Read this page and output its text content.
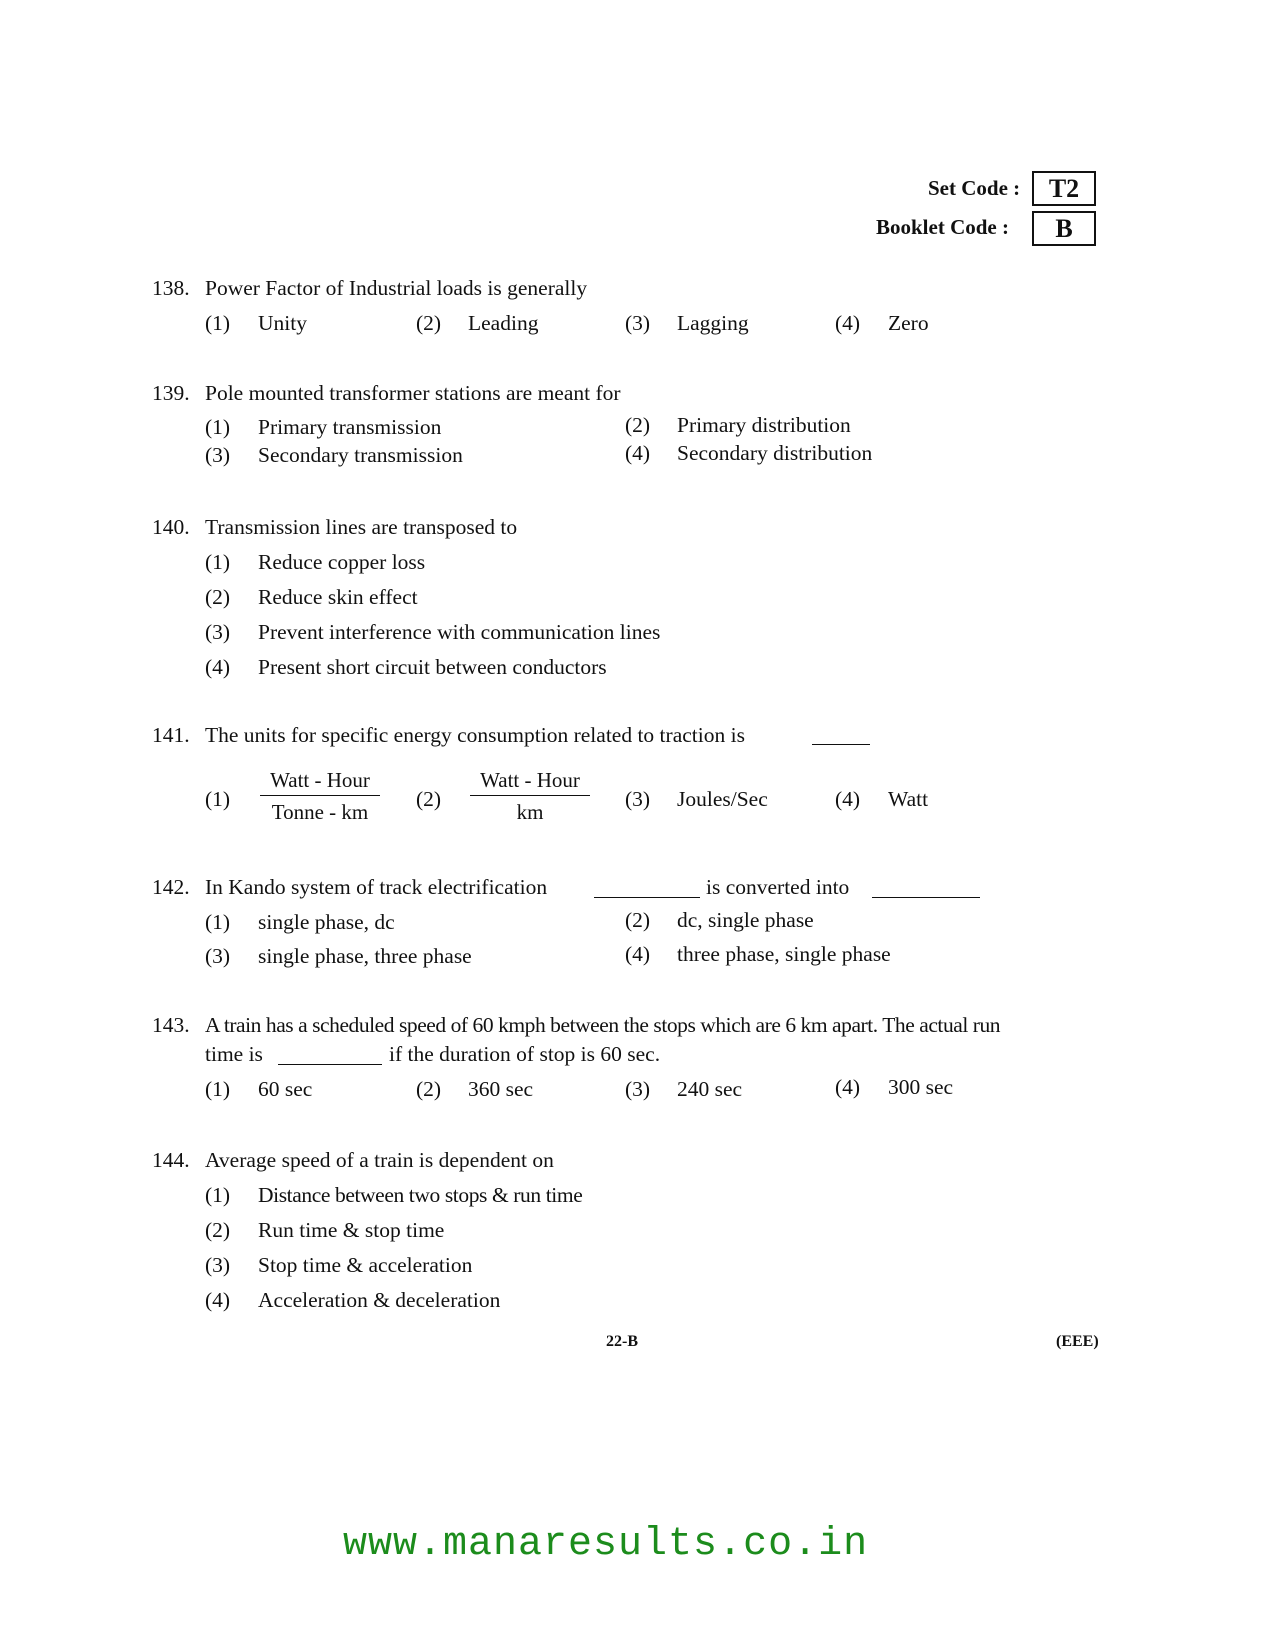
Set Code :	T2
Booklet Code :	B
138. Power Factor of Industrial loads is generally
(1) Unity	(2) Leading	(3) Lagging	(4) Zero
139. Pole mounted transformer stations are meant for
(1) Primary transmission	(2) Primary distribution
(3) Secondary transmission	(4) Secondary distribution
140. Transmission lines are transposed to
(1) Reduce copper loss
(2) Reduce skin effect
(3) Prevent interference with communication lines
(4) Present short circuit between conductors
141. The units for specific energy consumption related to traction is
(1)
Watt - Hour
Tonne - km
(2)
Watt - Hour
km
(3) Joules/Sec	(4) Watt
142. In Kando system of track electrification	is converted into
(1) single phase, dc	(2) dc, single phase
(3) single phase, three phase	(4) three phase, single phase
143. A train has a scheduled speed of 60 kmph between the stops which are 6 km apart. The actual run
time is	if the duration of stop is 60 sec.
(1) 60 sec	(2) 360 sec	(3) 240 sec	(4) 300 sec
144. Average speed of a train is dependent on
(1) Distance between two stops & run time
(2) Run time & stop time
(3) Stop time & acceleration
(4) Acceleration & deceleration
22-B	(EEE)
www.manaresults.co.in
